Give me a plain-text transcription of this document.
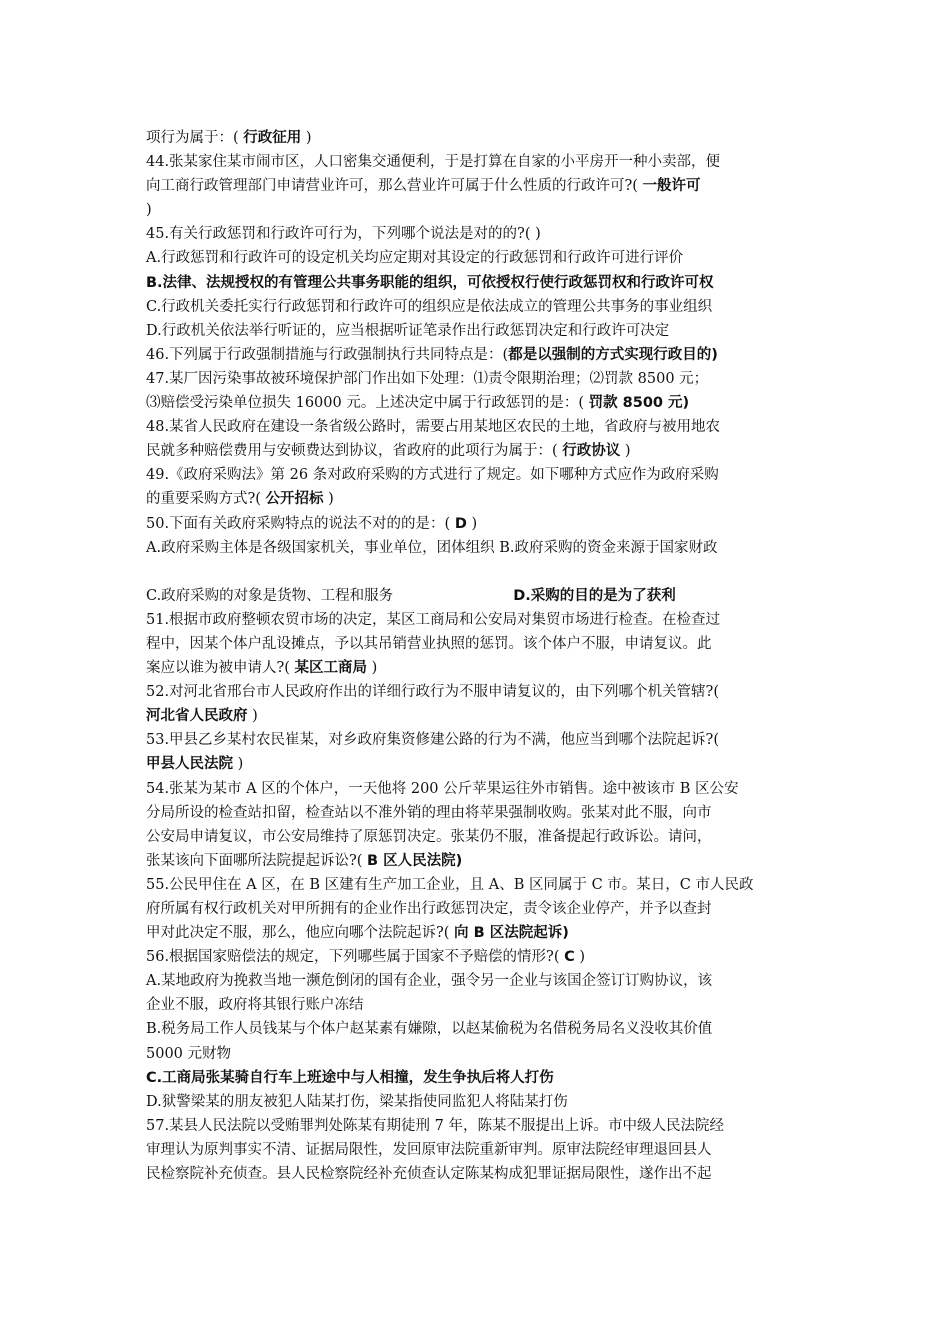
项行为属于：( 行政征用 )
44.张某家住某市闹市区，人口密集交通便利，于是打算在自家的小平房开一种小卖部，便
向工商行政管理部门申请营业许可，那么营业许可属于什么性质的行政许可?( 一般许可
)
45.有关行政惩罚和行政许可行为，下列哪个说法是对的的?( )
A.行政惩罚和行政许可的设定机关均应定期对其设定的行政惩罚和行政许可进行评价
B.法律、法规授权的有管理公共事务职能的组织，可依授权行使行政惩罚权和行政许可权
C.行政机关委托实行行政惩罚和行政许可的组织应是依法成立的管理公共事务的事业组织
D.行政机关依法举行听证的，应当根据听证笔录作出行政惩罚决定和行政许可决定
46.下列属于行政强制措施与行政强制执行共同特点是：(都是以强制的方式实现行政目的)
47.某厂因污染事故被环境保护部门作出如下处理：⑴责令限期治理；⑵罚款 8500 元；
⑶赔偿受污染单位损失 16000 元。上述决定中属于行政惩罚的是：( 罚款 8500 元)
48.某省人民政府在建设一条省级公路时，需要占用某地区农民的土地，省政府与被用地农
民就多种赔偿费用与安顿费达到协议，省政府的此项行为属于：( 行政协议 )
49.《政府采购法》第 26 条对政府采购的方式进行了规定。如下哪种方式应作为政府采购
的重要采购方式?( 公开招标 )
50.下面有关政府采购特点的说法不对的的是：( D )
A.政府采购主体是各级国家机关，事业单位，团体组织 B.政府采购的资金来源于国家财政
C.政府采购的对象是货物、工程和服务	D.采购的目的是为了获利
51.根据市政府整顿农贸市场的决定，某区工商局和公安局对集贸市场进行检查。在检查过
程中，因某个体户乱设摊点，予以其吊销营业执照的惩罚。该个体户不服，申请复议。此
案应以谁为被申请人?( 某区工商局 )
52.对河北省邢台市人民政府作出的详细行政行为不服申请复议的，由下列哪个机关管辖?(
河北省人民政府 )
53.甲县乙乡某村农民崔某，对乡政府集资修建公路的行为不满，他应当到哪个法院起诉?(
甲县人民法院 )
54.张某为某市 A 区的个体户，一天他将 200 公斤苹果运往外市销售。途中被该市 B 区公安
分局所设的检查站扣留，检查站以不准外销的理由将苹果强制收购。张某对此不服，向市
公安局申请复议，市公安局维持了原惩罚决定。张某仍不服，准备提起行政诉讼。请问，
张某该向下面哪所法院提起诉讼?( B 区人民法院)
55.公民甲住在 A 区，在 B 区建有生产加工企业，且 A、B 区同属于 C 市。某日，C 市人民政
府所属有权行政机关对甲所拥有的企业作出行政惩罚决定，责令该企业停产，并予以查封
甲对此决定不服，那么，他应向哪个法院起诉?( 向 B 区法院起诉)
56.根据国家赔偿法的规定，下列哪些属于国家不予赔偿的情形?( C )
A.某地政府为挽救当地一濒危倒闭的国有企业，强令另一企业与该国企签订订购协议，该
企业不服，政府将其银行账户冻结
B.税务局工作人员钱某与个体户赵某素有嫌隙，以赵某偷税为名借税务局名义没收其价值
5000 元财物
C.工商局张某骑自行车上班途中与人相撞，发生争执后将人打伤
D.狱警梁某的朋友被犯人陆某打伤，梁某指使同监犯人将陆某打伤
57.某县人民法院以受贿罪判处陈某有期徒刑 7 年，陈某不服提出上诉。市中级人民法院经
审理认为原判事实不清、证据局限性，发回原审法院重新审判。原审法院经审理退回县人
民检察院补充侦查。县人民检察院经补充侦查认定陈某构成犯罪证据局限性，遂作出不起
